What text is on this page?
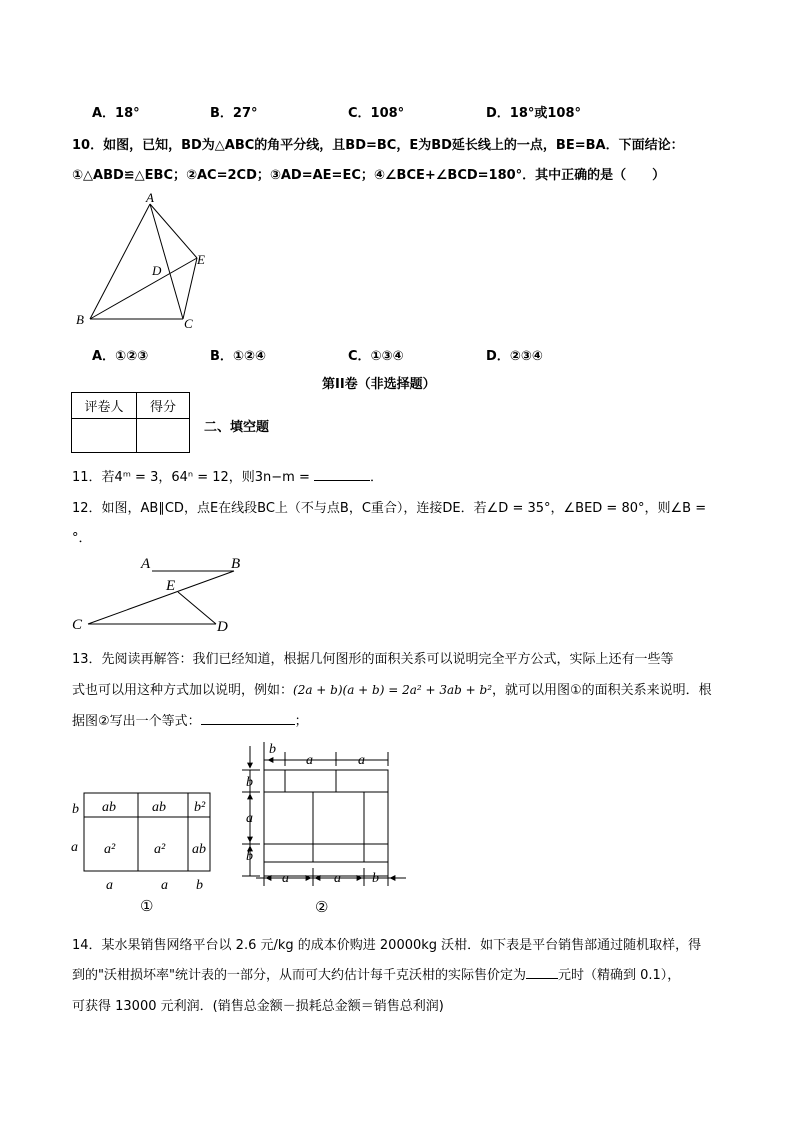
A．18°	B．27°	C．108°	D．18°或108°
10．如图，已知，BD为△ABC的角平分线，且BD=BC，E为BD延长线上的一点，BE=BA．下面结论：
①△ABD≌△EBC；②AC=2CD；③AD=AE=EC；④∠BCE+∠BCD=180°．其中正确的是（　　）
A
B	C
D
E
A．①②③	B．①②④	C．①③④	D．②③④
第II卷（非选择题）
评卷人	得分

二、填空题
11．若4ᵐ = 3，64ⁿ = 12，则3n−m =	．
12．如图，AB∥CD，点E在线段BC上（不与点B，C重合），连接DE．若∠D = 35°，∠BED = 80°，则∠B =
°．
A	B
C	D
E
13．先阅读再解答：我们已经知道，根据几何图形的面积关系可以说明完全平方公式，实际上还有一些等
式也可以用这种方式加以说明，例如：(2a + b)(a + b) = 2a² + 3ab + b²，就可以用图①的面积关系来说明．根
据图②写出一个等式：	；
ab	ab b²
a²	a² ab
b
a
a	a b
①
b
a	a
b
a
b
a	a b
②
14．某水果销售网络平台以 2.6 元/kg 的成本价购进 20000kg 沃柑．如下表是平台销售部通过随机取样，得
到的"沃柑损坏率"统计表的一部分，从而可大约估计每千克沃柑的实际售价定为 元时（精确到 0.1），
可获得 13000 元利润．(销售总金额－损耗总金额＝销售总利润)
